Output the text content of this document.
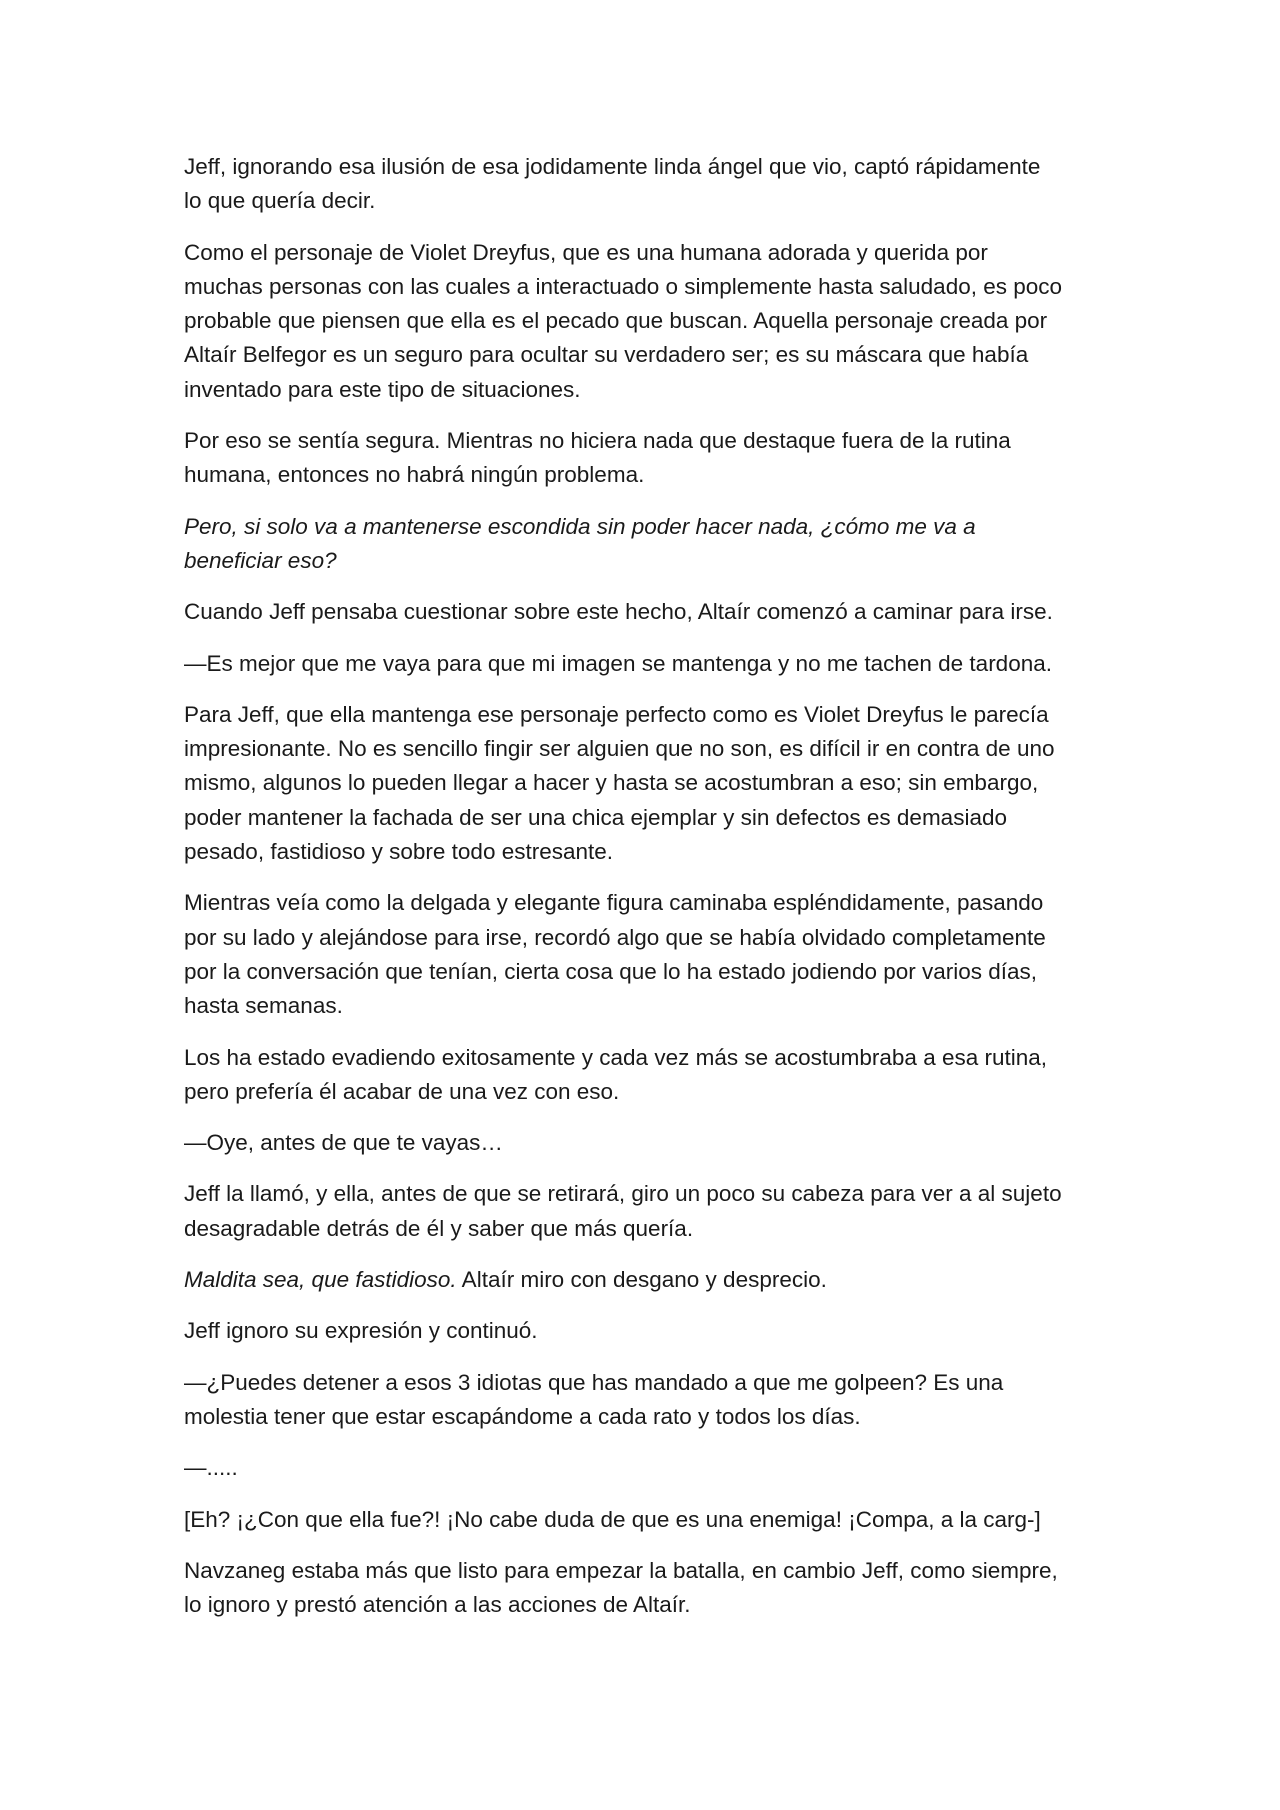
Jeff, ignorando esa ilusión de esa jodidamente linda ángel que vio, captó rápidamente
lo que quería decir.

Como el personaje de Violet Dreyfus, que es una humana adorada y querida por
muchas personas con las cuales a interactuado o simplemente hasta saludado, es poco
probable que piensen que ella es el pecado que buscan. Aquella personaje creada por
Altaír Belfegor es un seguro para ocultar su verdadero ser; es su máscara que había
inventado para este tipo de situaciones.

Por eso se sentía segura. Mientras no hiciera nada que destaque fuera de la rutina
humana, entonces no habrá ningún problema.

Pero, si solo va a mantenerse escondida sin poder hacer nada, ¿cómo me va a
beneficiar eso?

Cuando Jeff pensaba cuestionar sobre este hecho, Altaír comenzó a caminar para irse.

—Es mejor que me vaya para que mi imagen se mantenga y no me tachen de tardona.

Para Jeff, que ella mantenga ese personaje perfecto como es Violet Dreyfus le parecía
impresionante. No es sencillo fingir ser alguien que no son, es difícil ir en contra de uno
mismo, algunos lo pueden llegar a hacer y hasta se acostumbran a eso; sin embargo,
poder mantener la fachada de ser una chica ejemplar y sin defectos es demasiado
pesado, fastidioso y sobre todo estresante.

Mientras veía como la delgada y elegante figura caminaba espléndidamente, pasando
por su lado y alejándose para irse, recordó algo que se había olvidado completamente
por la conversación que tenían, cierta cosa que lo ha estado jodiendo por varios días,
hasta semanas.

Los ha estado evadiendo exitosamente y cada vez más se acostumbraba a esa rutina,
pero prefería él acabar de una vez con eso.

—Oye, antes de que te vayas…

Jeff la llamó, y ella, antes de que se retirará, giro un poco su cabeza para ver a al sujeto
desagradable detrás de él y saber que más quería.

Maldita sea, que fastidioso. Altaír miro con desgano y desprecio.

Jeff ignoro su expresión y continuó.

—¿Puedes detener a esos 3 idiotas que has mandado a que me golpeen? Es una
molestia tener que estar escapándome a cada rato y todos los días.

—.....

[Eh? ¡¿Con que ella fue?! ¡No cabe duda de que es una enemiga! ¡Compa, a la carg-]

Navzaneg estaba más que listo para empezar la batalla, en cambio Jeff, como siempre,
lo ignoro y prestó atención a las acciones de Altaír.
